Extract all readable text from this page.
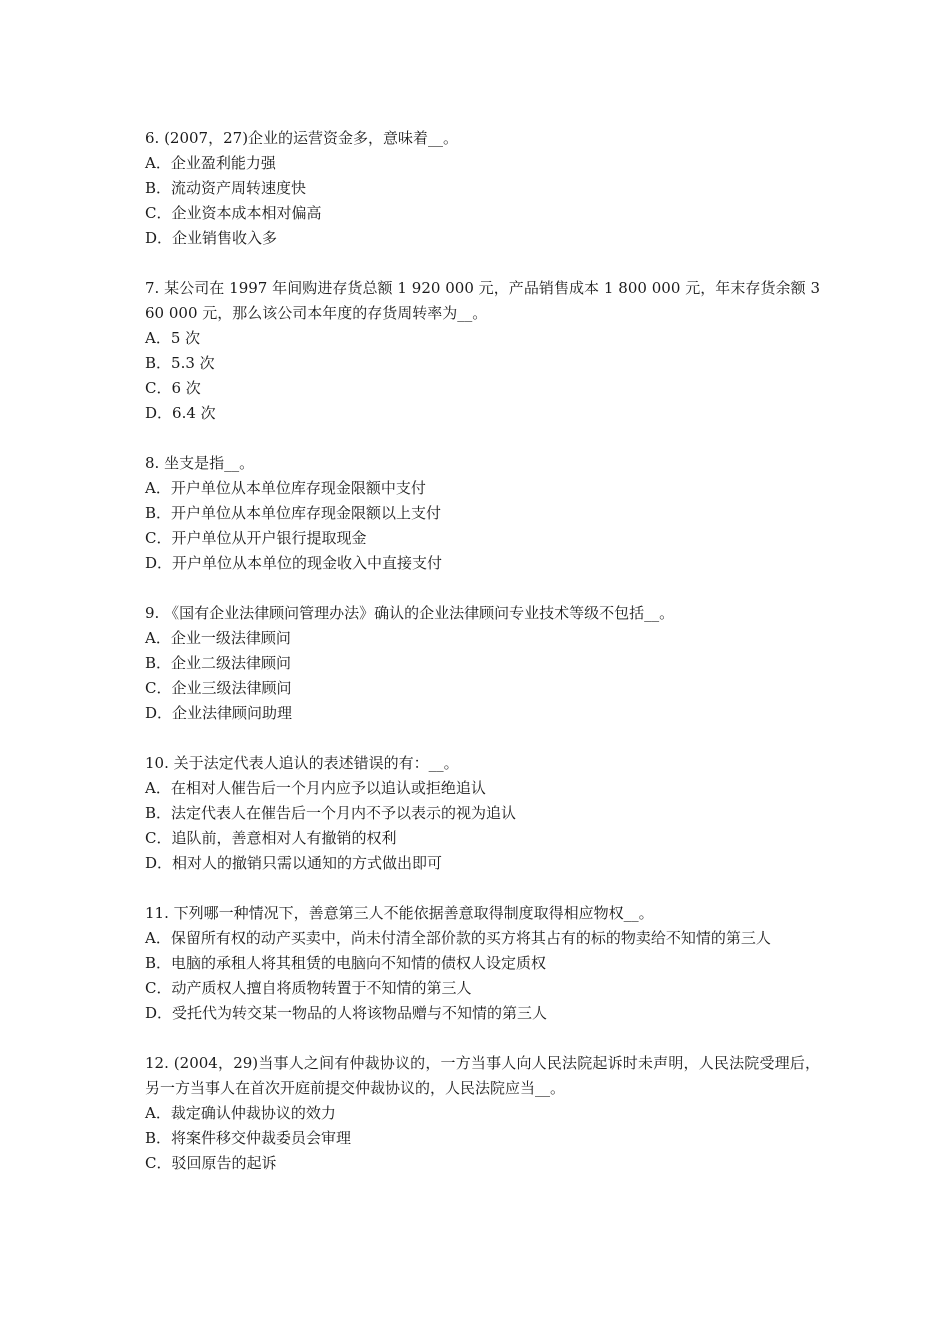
6. (2007，27)企业的运营资金多，意味着__。

A．企业盈利能力强

B．流动资产周转速度快

C．企业资本成本相对偏高

D．企业销售收入多

7. 某公司在 1997 年间购进存货总额 1 920 000 元，产品销售成本 1 800 000 元，年末存货余额 360 000 元，那么该公司本年度的存货周转率为__。

A．5 次

B．5.3 次

C．6 次

D．6.4 次

8. 坐支是指__。

A．开户单位从本单位库存现金限额中支付

B．开户单位从本单位库存现金限额以上支付

C．开户单位从开户银行提取现金

D．开户单位从本单位的现金收入中直接支付

9. 《国有企业法律顾问管理办法》确认的企业法律顾问专业技术等级不包括__。

A．企业一级法律顾问

B．企业二级法律顾问

C．企业三级法律顾问

D．企业法律顾问助理

10. 关于法定代表人追认的表述错误的有：__。

A．在相对人催告后一个月内应予以追认或拒绝追认

B．法定代表人在催告后一个月内不予以表示的视为追认

C．追队前，善意相对人有撤销的权利

D．相对人的撤销只需以通知的方式做出即可

11. 下列哪一种情况下，善意第三人不能依据善意取得制度取得相应物权__。

A．保留所有权的动产买卖中，尚未付清全部价款的买方将其占有的标的物卖给不知情的第三人

B．电脑的承租人将其租赁的电脑向不知情的债权人设定质权

C．动产质权人擅自将质物转置于不知情的第三人

D．受托代为转交某一物品的人将该物品赠与不知情的第三人

12. (2004，29)当事人之间有仲裁协议的，一方当事人向人民法院起诉时未声明，人民法院受理后，另一方当事人在首次开庭前提交仲裁协议的，人民法院应当__。

A．裁定确认仲裁协议的效力

B．将案件移交仲裁委员会审理

C．驳回原告的起诉
